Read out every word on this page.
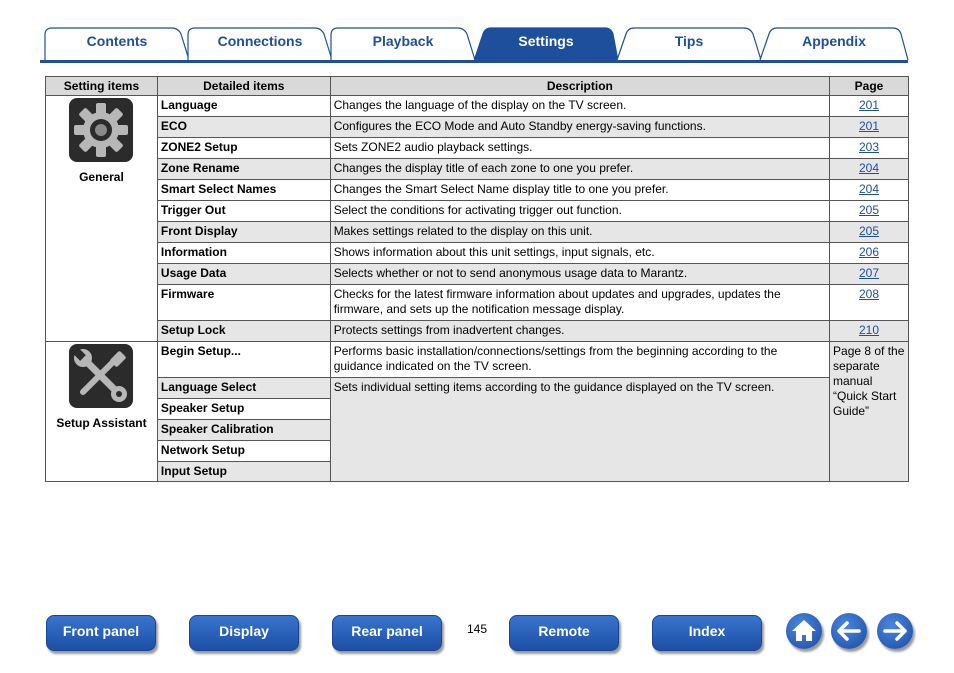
Contents	Connections	Playback	Settings	Tips	Appendix
Setting items	Detailed items	Description	Page

General	Language	Changes the language of the display on the TV screen.	201
	ECO	Configures the ECO Mode and Auto Standby energy-saving functions.	201
	ZONE2 Setup	Sets ZONE2 audio playback settings.	203
	Zone Rename	Changes the display title of each zone to one you prefer.	204
	Smart Select Names	Changes the Smart Select Name display title to one you prefer.	204
	Trigger Out	Select the conditions for activating trigger out function.	205
	Front Display	Makes settings related to the display on this unit.	205
	Information	Shows information about this unit settings, input signals, etc.	206
	Usage Data	Selects whether or not to send anonymous usage data to Marantz.	207
	Firmware	Checks for the latest firmware information about updates and upgrades, updates the firmware, and sets up the notification message display.	208
	Setup Lock	Protects settings from inadvertent changes.	210

Setup Assistant	Begin Setup...	Performs basic installation/connections/settings from the beginning according to the guidance indicated on the TV screen.	Page 8 of the separate manual “Quick Start Guide”
	Language Select	Sets individual setting items according to the guidance displayed on the TV screen.	
	Speaker Setup		
	Speaker Calibration		
	Network Setup		
	Input Setup		
Front panel	Display	Rear panel	145	Remote	Index
